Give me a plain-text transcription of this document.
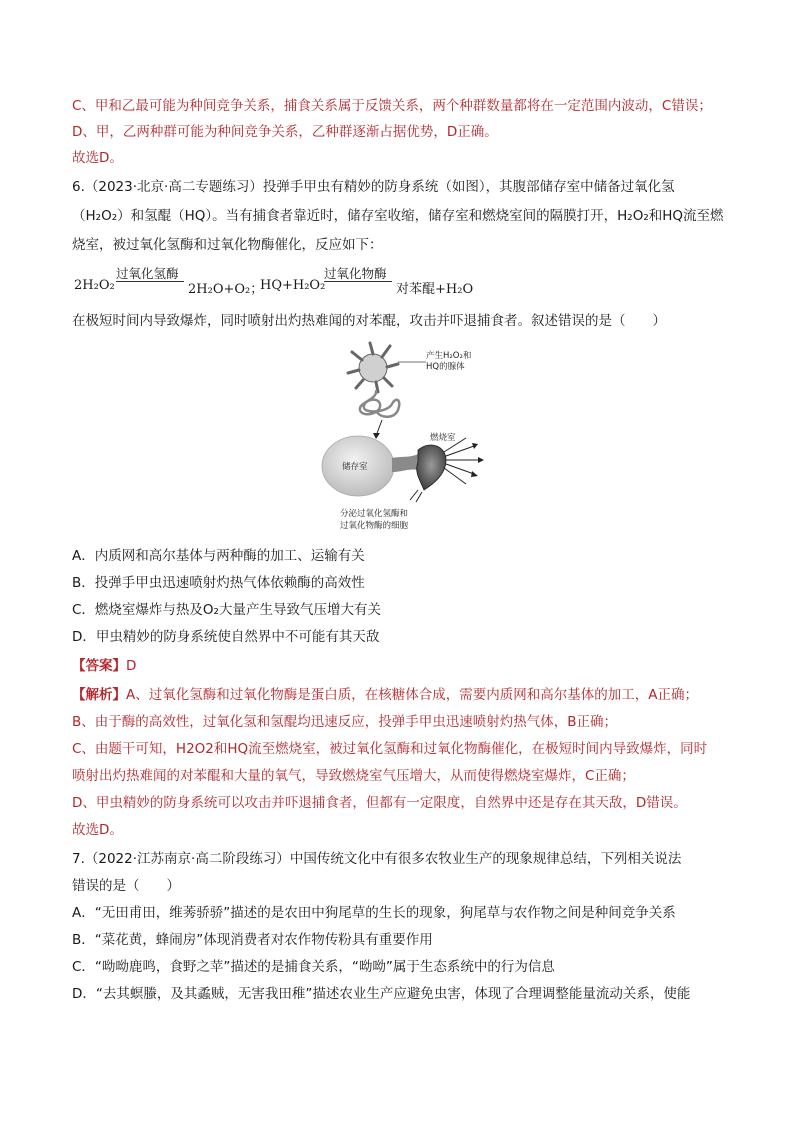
C、甲和乙最可能为种间竞争关系，捕食关系属于反馈关系，两个种群数量都将在一定范围内波动，C错误；
D、甲，乙两种群可能为种间竞争关系，乙种群逐渐占据优势，D正确。
故选D。
6.（2023·北京·高二专题练习）投弹手甲虫有精妙的防身系统（如图），其腹部储存室中储备过氧化氢
（H₂O₂）和氢醌（HQ）。当有捕食者靠近时，储存室收缩，储存室和燃烧室间的隔膜打开，H₂O₂和HQ流至燃
烧室，被过氧化氢酶和过氧化物酶催化，反应如下：
2H₂O₂
过氧化氢酶
2H₂O+O₂；
HQ+H₂O₂
过氧化物酶
对苯醌+H₂O
在极短时间内导致爆炸，同时喷射出灼热难闻的对苯醌，攻击并吓退捕食者。叙述错误的是（　　）
产生H₂O₂和
HQ的腺体
储存室
燃烧室
分泌过氧化氢酶和
过氧化物酶的细胞
A．内质网和高尔基体与两种酶的加工、运输有关
B．投弹手甲虫迅速喷射灼热气体依赖酶的高效性
C．燃烧室爆炸与热及O₂大量产生导致气压增大有关
D．甲虫精妙的防身系统使自然界中不可能有其天敌
【答案】D
【解析】A、过氧化氢酶和过氧化物酶是蛋白质，在核糖体合成，需要内质网和高尔基体的加工，A正确；
B、由于酶的高效性，过氧化氢和氢醌均迅速反应，投弹手甲虫迅速喷射灼热气体，B正确；
C、由题干可知，H2O2和HQ流至燃烧室，被过氧化氢酶和过氧化物酶催化，在极短时间内导致爆炸，同时
喷射出灼热难闻的对苯醌和大量的氧气，导致燃烧室气压增大，从而使得燃烧室爆炸，C正确；
D、甲虫精妙的防身系统可以攻击并吓退捕食者，但都有一定限度，自然界中还是存在其天敌，D错误。
故选D。
7.（2022·江苏南京·高二阶段练习）中国传统文化中有很多农牧业生产的现象规律总结，下列相关说法
错误的是（　　）
A．“无田甫田，维莠骄骄”描述的是农田中狗尾草的生长的现象，狗尾草与农作物之间是种间竞争关系
B．“菜花黄，蜂闹房”体现消费者对农作物传粉具有重要作用
C．“呦呦鹿鸣，食野之苹”描述的是捕食关系，“呦呦”属于生态系统中的行为信息
D．“去其螟螣，及其蟊贼，无害我田稚”描述农业生产应避免虫害，体现了合理调整能量流动关系，使能
